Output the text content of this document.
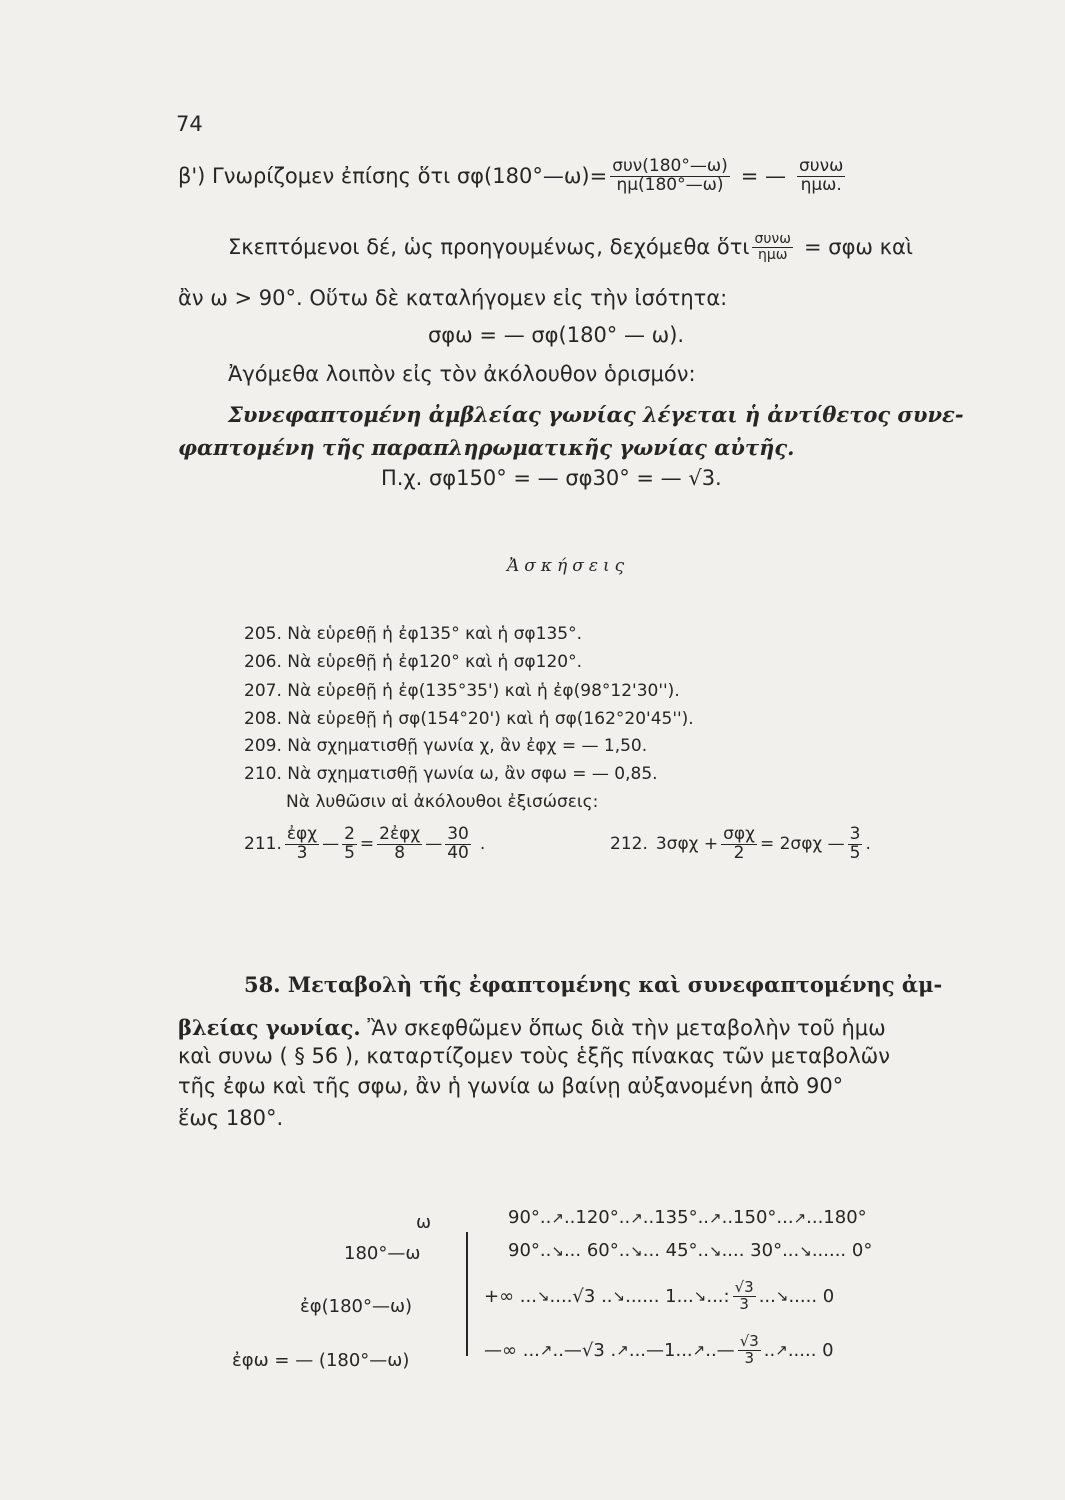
74
β') Γνωρίζομεν ἐπίσης ὅτι σφ(180°—ω)= $\frac{\text{συν(180°—ω)}}{\eta\mu(180^\circ—\omega)}$ = — $\frac{\text{συνω}}{\text{ημω.}}$
Σκεπτόμενοι δέ, ὡς προηγουμένως, δεχόμεθα ὅτι $\frac{\text{συνω}}{\text{ημω}} = \sigma\varphi\omega$ καὶ
ἂν ω > 90°. Οὕτω δὲ καταλήγομεν εἰς τὴν ἰσότητα:
σφω = — σφ(180° — ω).
Ἀγόμεθα λοιπὸν εἰς τὸν ἀκόλουθον ὁρισμόν:
Συνεφαπτομένη ἀμβλείας γωνίας λέγεται ἡ ἀντίθετος συνε-
φαπτομένη τῆς παραπληρωματικῆς γωνίας αὐτῆς.
Π.χ. σφ150° = — σφ30° = — √3.
Ἀσκήσεις
205. Νὰ εὑρεθῇ ἡ ἐφ135° καὶ ἡ σφ135°.
206. Νὰ εὑρεθῇ ἡ ἐφ120° καὶ ἡ σφ120°.
207. Νὰ εὑρεθῇ ἡ ἐφ(135°35') καὶ ἡ ἐφ(98°12'30'').
208. Νὰ εὑρεθῇ ἡ σφ(154°20') καὶ ἡ σφ(162°20'45'').
209. Νὰ σχηματισθῇ γωνία χ, ἂν ἐφχ = — 1,50.
210. Νὰ σχηματισθῇ γωνία ω, ἂν σφω = — 0,85.
Νὰ λυθῶσιν αἱ ἀκόλουθοι ἐξισώσεις:
211. $\frac{\text{ἐφχ}}{3}$ — $\frac{2}{5} = \frac{\text{2ἐφχ}}{8}$ — $\frac{30}{40}$ .	212. $3\sigma\varphi\chi + \frac{\text{σφχ}}{2} = 2\sigma\varphi\chi$ — $\frac{3}{5}$ .
58. Μεταβολὴ τῆς ἐφαπτομένης καὶ συνεφαπτομένης ἀμ-
βλείας γωνίας. Ἂν σκεφθῶμεν ὅπως διὰ τὴν μεταβολὴν τοῦ ἡμω
καὶ συνω ( § 56 ), καταρτίζομεν τοὺς ἑξῆς πίνακας τῶν μεταβολῶν
τῆς ἐφω καὶ τῆς σφω, ἂν ἡ γωνία ω βαίνῃ αὐξανομένη ἀπὸ 90°
ἕως 180°.
ω
180°—ω
ἐφ(180°—ω)
ἐφω = — (180°—ω)
90°..↗..120°..↗..135°..↗..150°...↗...180°
90°..↘... 60°..↘... 45°..↘.... 30°...↘...... 0°
+∞ ... ↘ ....√3 .. ↘ ...... 1... ↘ ...: $\frac{√3}{3}$ ... ↘ ..... 0
—∞ ... ↗ ..—√3 . ↗ ...—1... ↗ ..— $\frac{√3}{3}$ .. ↗ ..... 0
